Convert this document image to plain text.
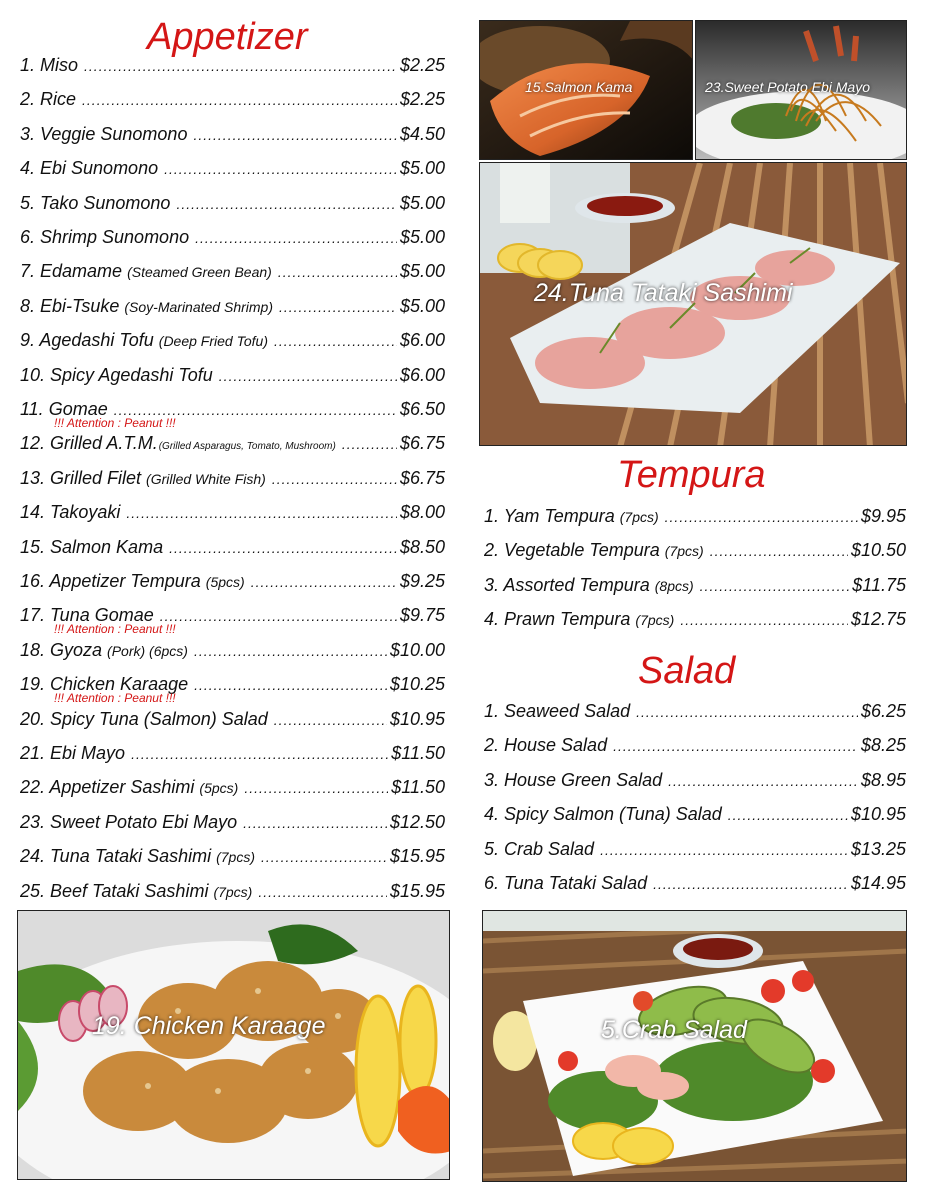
Appetizer
Tempura
Salad
1. Miso .....	$2.25
2. Rice .....	$2.25
3. Veggie Sunomono .....	$4.50
4. Ebi Sunomono .....	$5.00
5. Tako Sunomono .....	$5.00
6. Shrimp Sunomono .....	$5.00
7. Edamame (Steamed Green Bean) .....	$5.00
8. Ebi-Tsuke (Soy-Marinated Shrimp) .....	$5.00
9. Agedashi Tofu (Deep Fried Tofu) .....	$6.00
10. Spicy Agedashi Tofu .....	$6.00
11. Gomae .....	$6.50
!!! Attention : Peanut !!!
12. Grilled A.T.M. (Grilled Asparagus, Tomato, Mushroom) .....	$6.75
13. Grilled Filet (Grilled White Fish) .....	$6.75
14. Takoyaki .....	$8.00
15. Salmon Kama .....	$8.50
16. Appetizer Tempura (5pcs) .....	$9.25
17. Tuna Gomae .....	$9.75
!!! Attention : Peanut !!!
18. Gyoza (Pork) (6pcs) .....	$10.00
19. Chicken Karaage .....	$10.25
!!! Attention : Peanut !!!
20. Spicy Tuna (Salmon) Salad .....	$10.95
21. Ebi Mayo .....	$11.50
22. Appetizer Sashimi (5pcs) .....	$11.50
23. Sweet Potato Ebi Mayo .....	$12.50
24. Tuna Tataki Sashimi (7pcs) .....	$15.95
25. Beef Tataki Sashimi (7pcs) .....	$15.95
1. Yam Tempura (7pcs) .....	$9.95
2. Vegetable Tempura (7pcs) .....	$10.50
3. Assorted Tempura (8pcs) .....	$11.75
4. Prawn Tempura (7pcs) .....	$12.75
1. Seaweed Salad .....	$6.25
2. House Salad .....	$8.25
3. House Green Salad .....	$8.95
4. Spicy Salmon (Tuna) Salad .....	$10.95
5. Crab Salad .....	$13.25
6. Tuna Tataki Salad .....	$14.95
15.Salmon Kama	23.Sweet Potato Ebi Mayo
24.Tuna Tataki Sashimi
19. Chicken Karaage	5.Crab Salad
